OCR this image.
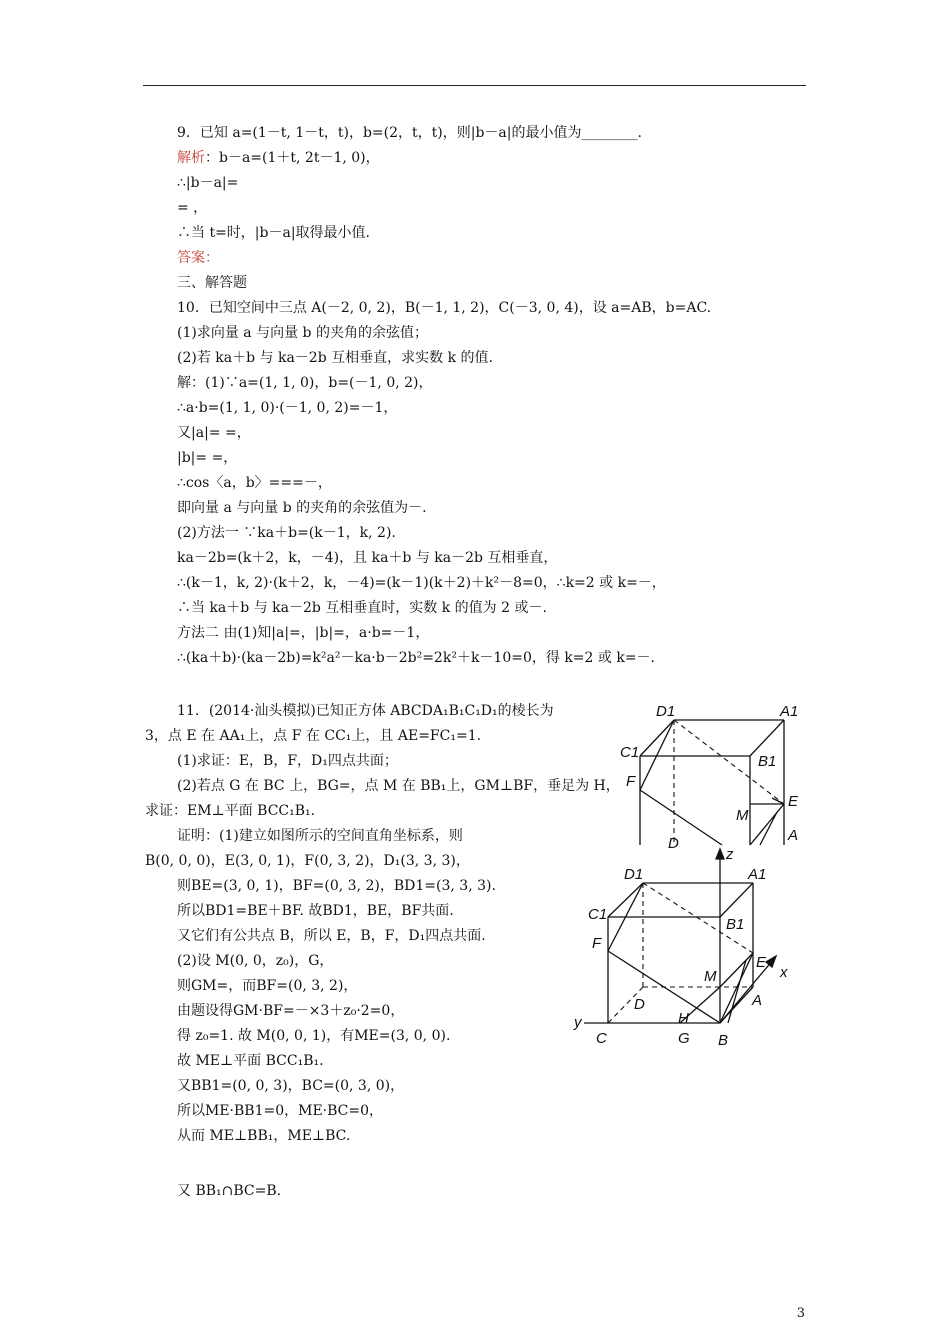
9．已知 a=(1－t, 1－t，t)，b=(2，t，t)，则|b－a|的最小值为________.
解析：b－a=(1＋t, 2t－1, 0)，
∴|b－a|=
= ，
∴当 t=时，|b－a|取得最小值.
答案：
三、解答题
10．已知空间中三点 A(－2, 0, 2)，B(－1, 1, 2)，C(－3, 0, 4)，设 a=AB，b=AC.
(1)求向量 a 与向量 b 的夹角的余弦值；
(2)若 ka＋b 与 ka－2b 互相垂直，求实数 k 的值.
解：(1)∵a=(1, 1, 0)，b=(－1, 0, 2)，
∴a·b=(1, 1, 0)·(－1, 0, 2)=－1，
又|a|= =，
|b|= =，
∴cos〈a，b〉===－，
即向量 a 与向量 b 的夹角的余弦值为－.
(2)方法一 ∵ka＋b=(k－1，k, 2).
ka－2b=(k＋2，k，－4)，且 ka＋b 与 ka－2b 互相垂直，
∴(k－1，k, 2)·(k＋2，k，－4)=(k－1)(k＋2)＋k²－8=0，∴k=2 或 k=－，
∴当 ka＋b 与 ka－2b 互相垂直时，实数 k 的值为 2 或－.
方法二 由(1)知|a|=，|b|=，a·b=－1，
∴(ka＋b)·(ka－2b)=k²a²－ka·b－2b²=2k²＋k－10=0，得 k=2 或 k=－.
11．(2014·汕头模拟)已知正方体 ABCDA₁B₁C₁D₁的棱长为
3，点 E 在 AA₁上，点 F 在 CC₁上，且 AE=FC₁=1.
(1)求证：E，B，F，D₁四点共面；
(2)若点 G 在 BC 上，BG=，点 M 在 BB₁上，GM⊥BF，垂足为 H，
求证：EM⊥平面 BCC₁B₁.
证明：(1)建立如图所示的空间直角坐标系，则
B(0, 0, 0)，E(3, 0, 1)，F(0, 3, 2)，D₁(3, 3, 3)，
则BE=(3, 0, 1)，BF=(0, 3, 2)，BD1=(3, 3, 3).
所以BD1=BE＋BF. 故BD1，BE，BF共面.
又它们有公共点 B，所以 E，B，F，D₁四点共面.
(2)设 M(0, 0，z₀)，G，
则GM=，而BF=(0, 3, 2)，
由题设得GM·BF=－×3＋z₀·2=0，
得 z₀=1. 故 M(0, 0, 1)，有ME=(3, 0, 0).
故 ME⊥平面 BCC₁B₁.
又BB1=(0, 0, 3)，BC=(0, 3, 0)，
所以ME·BB1=0，ME·BC=0，
从而 ME⊥BB₁，ME⊥BC.
又 BB₁∩BC=B.
D1	A1
C1
B1
F
M
E
A
D
z
D1	A1
C1
B1
F
E
x
M
D	A
y	H
C	G B
3
